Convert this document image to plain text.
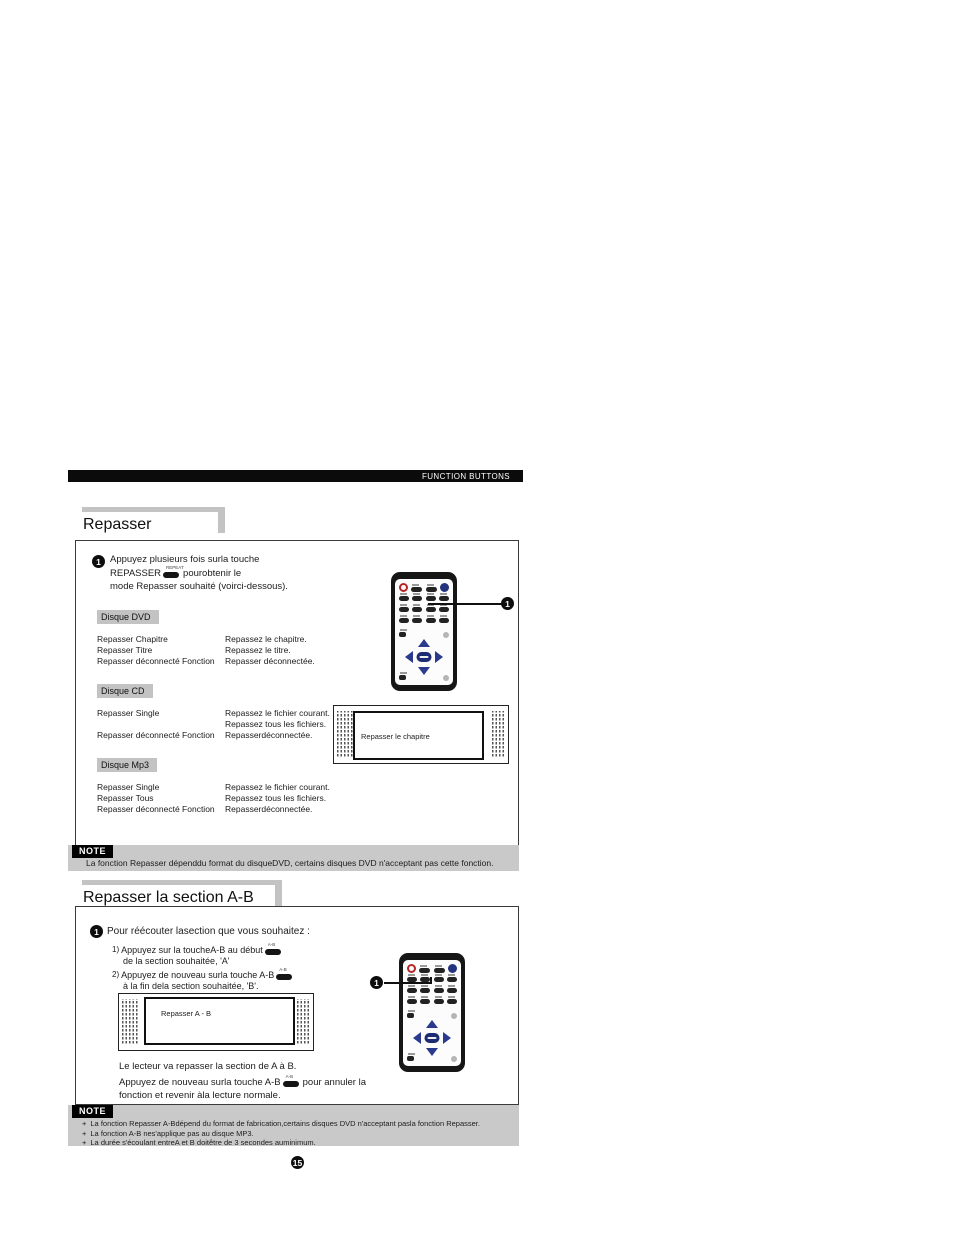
FUNCTION BUTTONS
Repasser
1 Appuyez plusieurs fois surla touche
REPASSER
REPEAT
pourobtenir le
mode Repasser souhaité (voirci-dessous).
Disque DVD
Repasser Chapitre	Repassez le chapitre.
Repasser Titre	Repassez le titre.
Repasser déconnecté Fonction	Repasser déconnectée.
Disque CD
Repasser Single	Repassez le fichier courant.
Repassez tous les fichiers.
Repasser déconnecté Fonction	Repasserdéconnectée.
Disque Mp3
Repasser Single	Repassez le fichier courant.
Repasser Tous	Repassez tous les fichiers.
Repasser déconnecté Fonction	Repasserdéconnectée.
Repasser le chapitre
1
NOTE
La fonction Repasser dépenddu format du disqueDVD, certains disques DVD n'acceptant pas cette fonction.
Repasser la section A-B
1 Pour réécouter lasection que vous souhaitez :
1) Appuyez sur la toucheA-B au début
A-B
de la section souhaitée, 'A'
2) Appuyez de nouveau surla touche A-B
A-B
à la fin dela section souhaitée, 'B'.
Repasser A - B
Le lecteur va repasser la section de A à B.
Appuyez de nouveau surla touche A-B
A-B
pour annuler la
fonction et revenir àla lecture normale.
1
NOTE
+ La fonction Repasser A-Bdépend du format de fabrication,certains disques DVD n'acceptant pasla fonction Repasser.
+ La fonction A-B nes'applique pas au disque MP3.
+ La durée s'écoulant entreA et B doitêtre de 3 secondes auminimum.
15
